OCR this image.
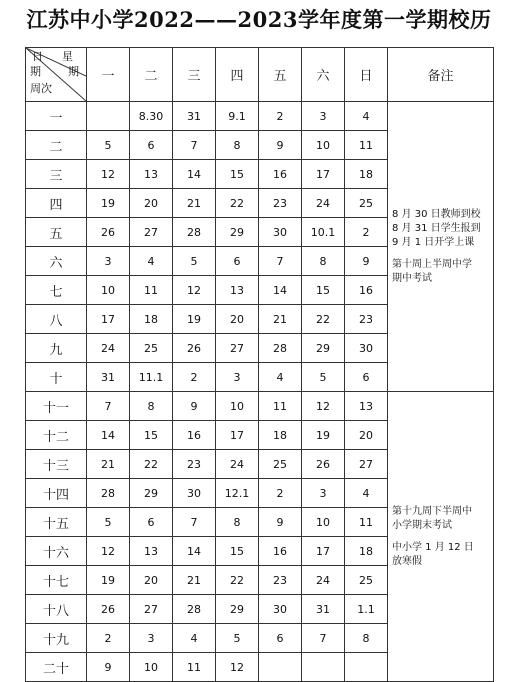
江苏中小学2022——2023学年度第一学期校历
日 星
期 期
周次	一	二	三	四	五	六	日	备注
一		8.30	31	9.1	2	3	4	8 月 30 日教师到校
8 月 31 日学生报到
9 月 1 日开学上课
第十周上半周中学
期中考试

二	5	6	7	8	9	10	11	
三	12	13	14	15	16	17	18	
四	19	20	21	22	23	24	25	
五	26	27	28	29	30	10.1	2	
六	3	4	5	6	7	8	9	
七	10	11	12	13	14	15	16	
八	17	18	19	20	21	22	23	
九	24	25	26	27	28	29	30	
十	31	11.1	2	3	4	5	6	
十一	7	8	9	10	11	12	13	第十九周下半周中
小学期末考试
中小学 1 月 12 日
放寒假

十二	14	15	16	17	18	19	20	
十三	21	22	23	24	25	26	27	
十四	28	29	30	12.1	2	3	4	
十五	5	6	7	8	9	10	11	
十六	12	13	14	15	16	17	18	
十七	19	20	21	22	23	24	25	
十八	26	27	28	29	30	31	1.1	
十九	2	3	4	5	6	7	8	
二十	9	10	11	12				
